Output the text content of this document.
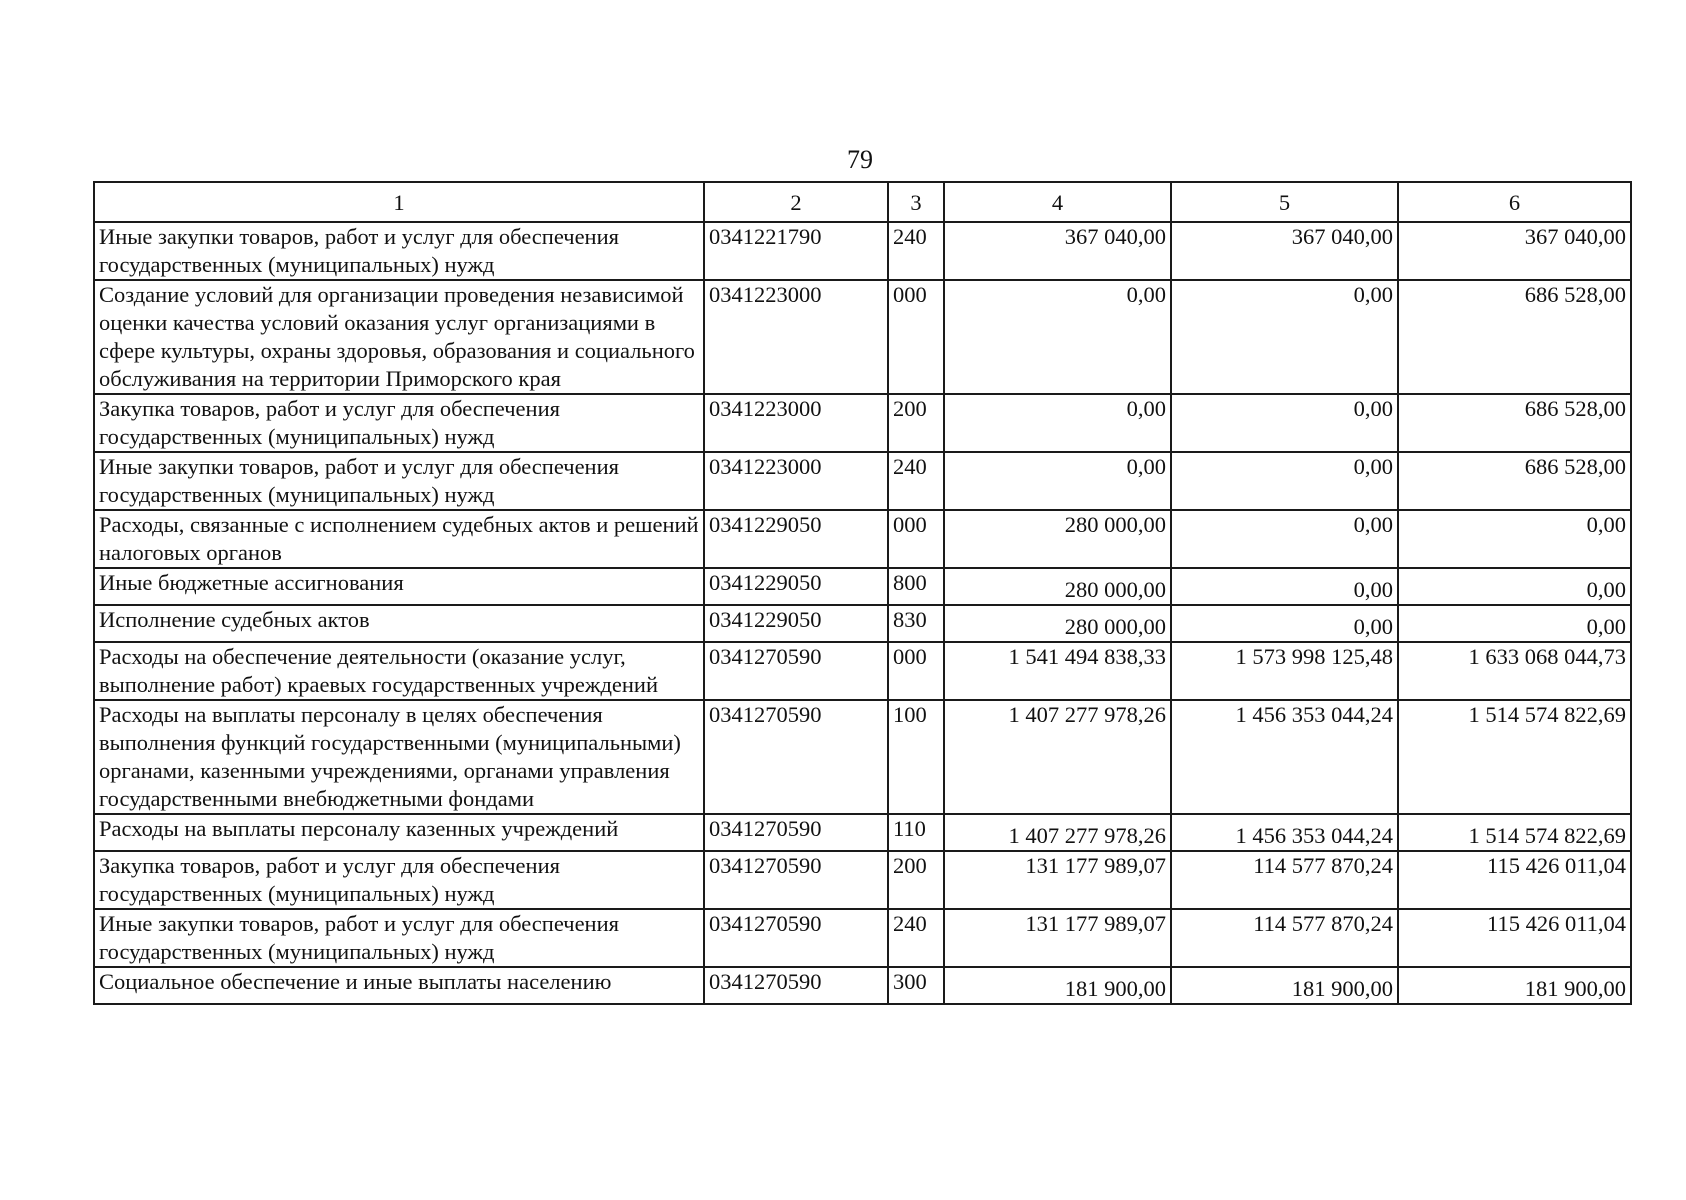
79
1	2	3	4	5	6
Иные закупки товаров, работ и услуг для обеспечения государственных (муниципальных) нужд	0341221790	240	367 040,00	367 040,00	367 040,00
Создание условий для организации проведения независимой оценки качества условий оказания услуг организациями в сфере культуры, охраны здоровья, образования и социального обслуживания на территории Приморского края	0341223000	000	0,00	0,00	686 528,00
Закупка товаров, работ и услуг для обеспечения государственных (муниципальных) нужд	0341223000	200	0,00	0,00	686 528,00
Иные закупки товаров, работ и услуг для обеспечения государственных (муниципальных) нужд	0341223000	240	0,00	0,00	686 528,00
Расходы, связанные с исполнением судебных актов и решений налоговых органов	0341229050	000	280 000,00	0,00	0,00
Иные бюджетные ассигнования	0341229050	800	280 000,00	0,00	0,00
Исполнение судебных актов	0341229050	830	280 000,00	0,00	0,00
Расходы на обеспечение деятельности (оказание услуг, выполнение работ) краевых государственных учреждений	0341270590	000	1 541 494 838,33	1 573 998 125,48	1 633 068 044,73
Расходы на выплаты персоналу в целях обеспечения выполнения функций государственными (муниципальными) органами, казенными учреждениями, органами управления государственными внебюджетными фондами	0341270590	100	1 407 277 978,26	1 456 353 044,24	1 514 574 822,69
Расходы на выплаты персоналу казенных учреждений	0341270590	110	1 407 277 978,26	1 456 353 044,24	1 514 574 822,69
Закупка товаров, работ и услуг для обеспечения государственных (муниципальных) нужд	0341270590	200	131 177 989,07	114 577 870,24	115 426 011,04
Иные закупки товаров, работ и услуг для обеспечения государственных (муниципальных) нужд	0341270590	240	131 177 989,07	114 577 870,24	115 426 011,04
Социальное обеспечение и иные выплаты населению	0341270590	300	181 900,00	181 900,00	181 900,00
